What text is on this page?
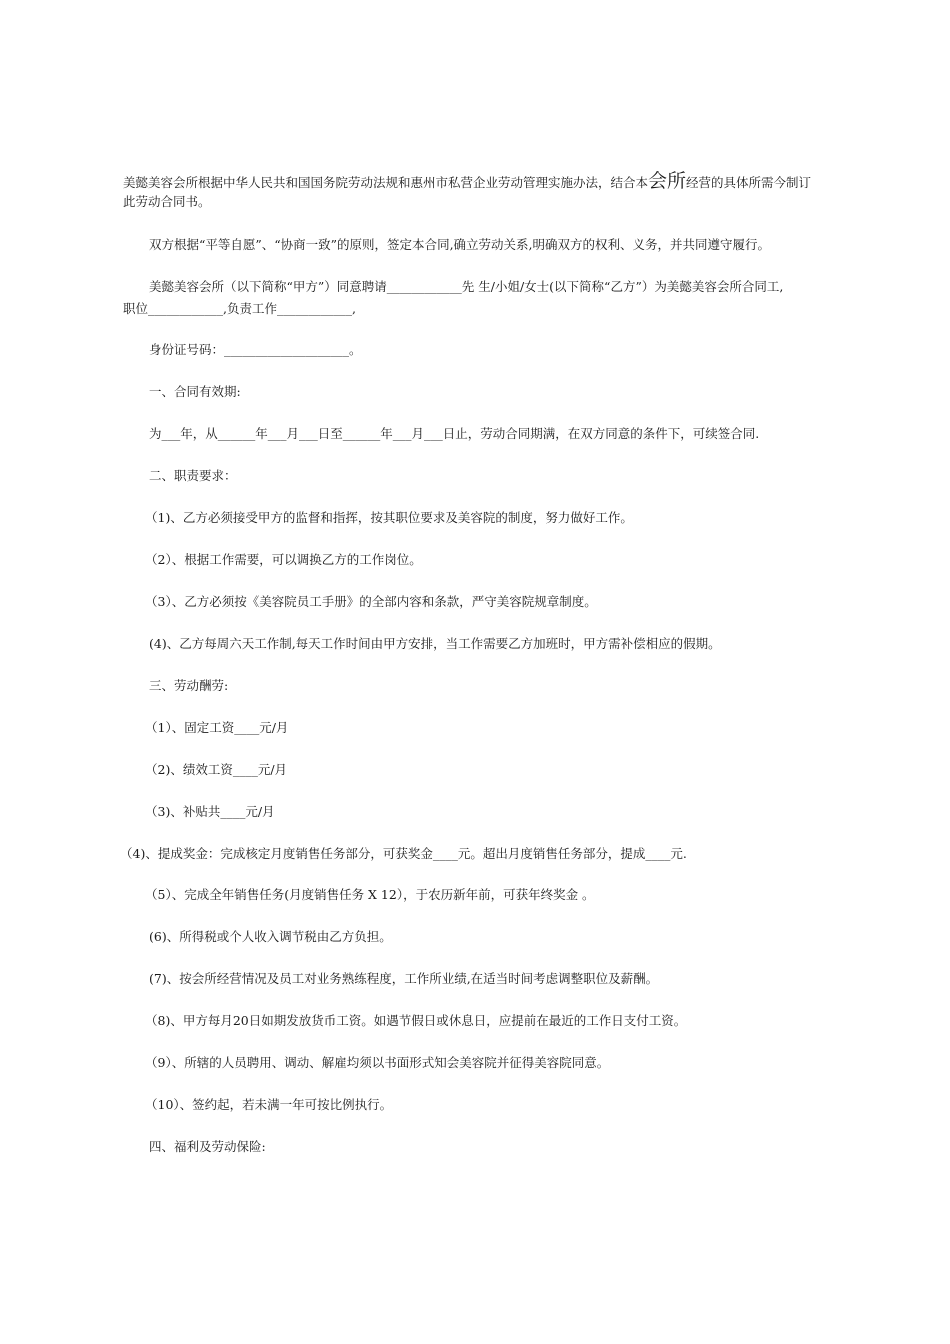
美懿美容会所根据中华人民共和国国务院劳动法规和惠州市私营企业劳动管理实施办法，结合本会所经营的具体所需今制订
此劳动合同书。
双方根据“平等自愿”、“协商一致”的原则，签定本合同,确立劳动关系,明确双方的权利、义务，并共同遵守履行。
美懿美容会所（以下简称“甲方”）同意聘请____________先 生/小姐/女士(以下简称“乙方”）为美懿美容会所合同工,
职位____________,负责工作____________,
身份证号码：____________________。
一、合同有效期:
为___年，从______年___月___日至______年___月___日止，劳动合同期满，在双方同意的条件下，可续签合同.
二、职责要求：
（1)、乙方必须接受甲方的监督和指挥，按其职位要求及美容院的制度，努力做好工作。
（2）、根据工作需要，可以调换乙方的工作岗位。
（3）、乙方必须按《美容院员工手册》的全部内容和条款，严守美容院规章制度。
(4)、乙方每周六天工作制,每天工作时间由甲方安排，当工作需要乙方加班时，甲方需补偿相应的假期。
三、劳动酬劳:
（1）、固定工资____元/月
（2)、绩效工资____元/月
（3)、补贴共____元/月
（4)、提成奖金：完成核定月度销售任务部分，可获奖金____元。超出月度销售任务部分，提成____元.
（5）、完成全年销售任务(月度销售任务 X 12），于农历新年前，可获年终奖金 。
(6)、所得税或个人收入调节税由乙方负担。
(7)、按会所经营情况及员工对业务熟练程度，工作所业绩,在适当时间考虑调整职位及薪酬。
（8)、甲方每月20日如期发放货币工资。如遇节假日或休息日，应提前在最近的工作日支付工资。
（9）、所辖的人员聘用、调动、解雇均须以书面形式知会美容院并征得美容院同意。
（10）、签约起，若未满一年可按比例执行。
四、福利及劳动保险:
